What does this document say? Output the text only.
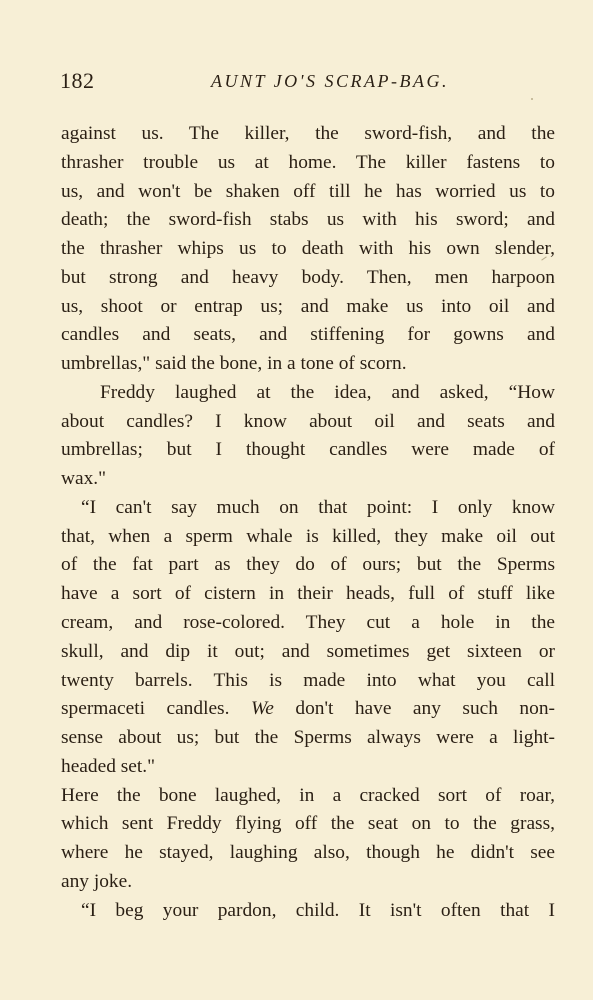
182	AUNT JO'S SCRAP-BAG.
against us. The killer, the sword-fish, and the
thrasher trouble us at home. The killer fastens to
us, and won't be shaken off till he has worried us to
death; the sword-fish stabs us with his sword; and
the thrasher whips us to death with his own slender,
but strong and heavy body. Then, men harpoon
us, shoot or entrap us; and make us into oil and
candles and seats, and stiffening for gowns and
umbrellas," said the bone, in a tone of scorn.
Freddy laughed at the idea, and asked, “How
about candles? I know about oil and seats and
umbrellas; but I thought candles were made of
wax."
“I can't say much on that point: I only know
that, when a sperm whale is killed, they make oil out
of the fat part as they do of ours; but the Sperms
have a sort of cistern in their heads, full of stuff like
cream, and rose-colored. They cut a hole in the
skull, and dip it out; and sometimes get sixteen or
twenty barrels. This is made into what you call
spermaceti candles. We don't have any such non-
sense about us; but the Sperms always were a light-
headed set."
Here the bone laughed, in a cracked sort of roar,
which sent Freddy flying off the seat on to the grass,
where he stayed, laughing also, though he didn't see
any joke.
“I beg your pardon, child. It isn't often that I
